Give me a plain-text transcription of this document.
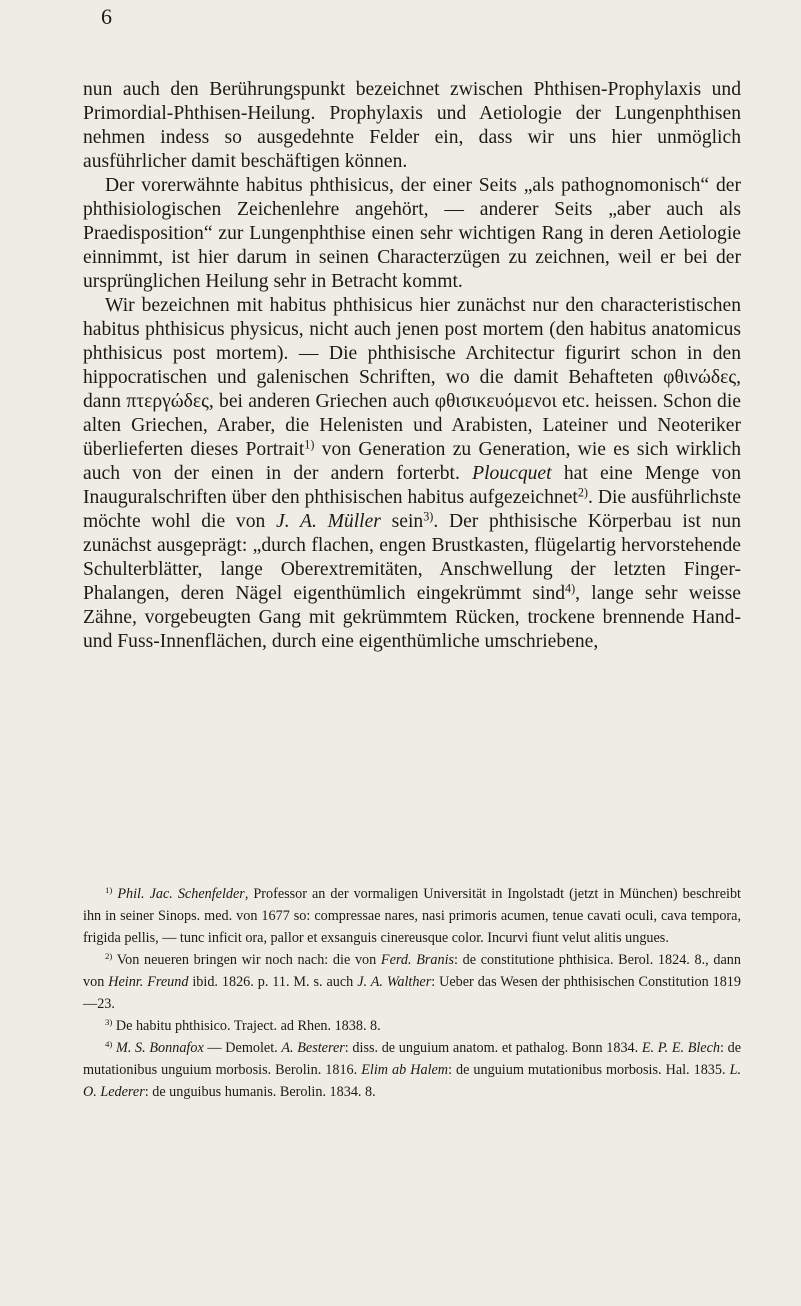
6

nun auch den Berührungspunkt bezeichnet zwischen Phthisen-Prophylaxis und Primordial-Phthisen-Heilung. Prophylaxis und Aetiologie der Lungenphthisen nehmen indess so ausgedehnte Felder ein, dass wir uns hier unmöglich ausführlicher damit beschäftigen können.

Der vorerwähnte habitus phthisicus, der einer Seits „als pathognomonisch“ der phthisiologischen Zeichenlehre angehört, — anderer Seits „aber auch als Praedisposition“ zur Lungenphthise einen sehr wichtigen Rang in deren Aetiologie einnimmt, ist hier darum in seinen Characterzügen zu zeichnen, weil er bei der ursprünglichen Heilung sehr in Betracht kommt.

Wir bezeichnen mit habitus phthisicus hier zunächst nur den characteristischen habitus phthisicus physicus, nicht auch jenen post mortem (den habitus anatomicus phthisicus post mortem). — Die phthisische Architectur figurirt schon in den hippocratischen und galenischen Schriften, wo die damit Behafteten φθινώδες, dann πτεργώδες, bei anderen Griechen auch φθισικευόμενοι etc. heissen. Schon die alten Griechen, Araber, die Helenisten und Arabisten, Lateiner und Neoteriker überlieferten dieses Portrait$^{1)}$ von Generation zu Generation, wie es sich wirklich auch von der einen in der andern forterbt. Ploucquet hat eine Menge von Inauguralschriften über den phthisischen habitus aufgezeichnet$^{2)}$. Die ausführlichste möchte wohl die von J. A. Müller sein$^{3)}$. Der phthisische Körperbau ist nun zunächst ausgeprägt: „durch flachen, engen Brustkasten, flügelartig hervorstehende Schulterblätter, lange Oberextremitäten, Anschwellung der letzten Finger-Phalangen, deren Nägel eigenthümlich eingekrümmt sind$^{4)}$, lange sehr weisse Zähne, vorgebeugten Gang mit gekrümmtem Rücken, trockene brennende Hand- und Fuss-Innenflächen, durch eine eigenthümliche umschriebene,

$^{1)}$ Phil. Jac. Schenfelder, Professor an der vormaligen Universität in Ingolstadt (jetzt in München) beschreibt ihn in seiner Sinops. med. von 1677 so: compressae nares, nasi primoris acumen, tenue cavati oculi, cava tempora, frigida pellis, — tunc inficit ora, pallor et exsanguis cinereusque color. Incurvi fiunt velut alitis ungues.

$^{2)}$ Von neueren bringen wir noch nach: die von Ferd. Branis: de constitutione phthisica. Berol. 1824. 8., dann von Heinr. Freund ibid. 1826. p. 11. M. s. auch J. A. Walther: Ueber das Wesen der phthisischen Constitution 1819—23.

$^{3)}$ De habitu phthisico. Traject. ad Rhen. 1838. 8.

$^{4)}$ M. S. Bonnafox — Demolet. A. Besterer: diss. de unguium anatom. et pathalog. Bonn 1834. E. P. E. Blech: de mutationibus unguium morbosis. Berolin. 1816. Elim ab Halem: de unguium mutationibus morbosis. Hal. 1835. L. O. Lederer: de unguibus humanis. Berolin. 1834. 8.
